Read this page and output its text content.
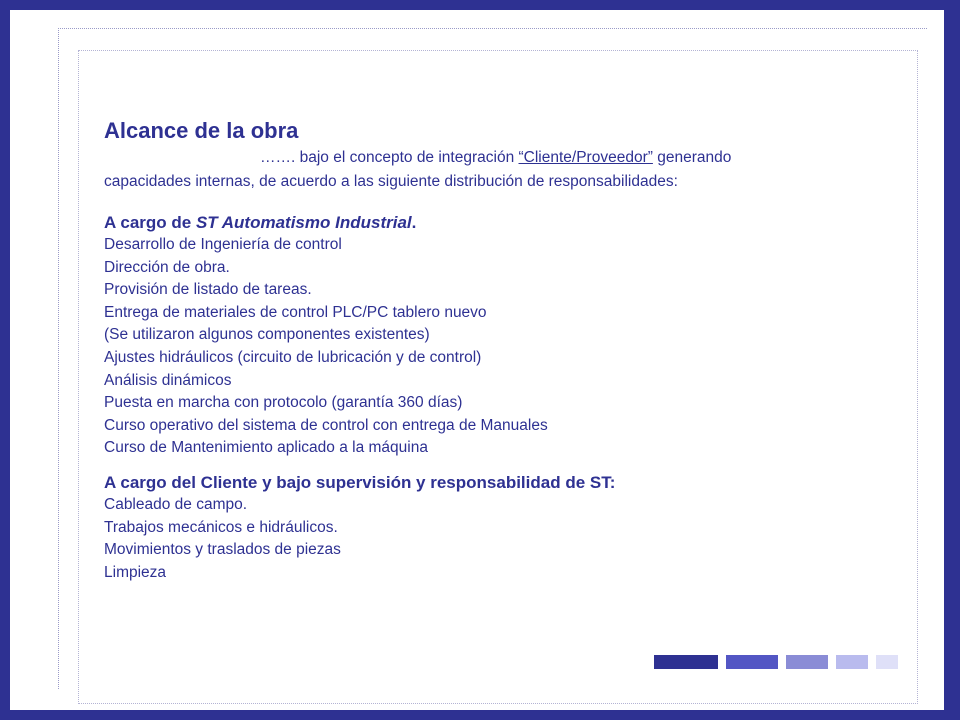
Alcance de la obra

……. bajo el concepto de integración “Cliente/Proveedor” generando
capacidades internas, de acuerdo a las siguiente distribución de responsabilidades:

A cargo de ST Automatismo Industrial.
Desarrollo de Ingeniería de control
Dirección de obra.
Provisión de listado de tareas.
Entrega de materiales de control PLC/PC tablero nuevo
(Se utilizaron algunos componentes existentes)
Ajustes hidráulicos (circuito de lubricación y de control)
Análisis dinámicos
Puesta en marcha con protocolo (garantía 360 días)
Curso operativo del sistema de control con entrega de Manuales
Curso de Mantenimiento aplicado a la máquina
A cargo del Cliente y bajo supervisión y responsabilidad de ST:
Cableado de campo.
Trabajos mecánicos e hidráulicos.
Movimientos y traslados de piezas
Limpieza
